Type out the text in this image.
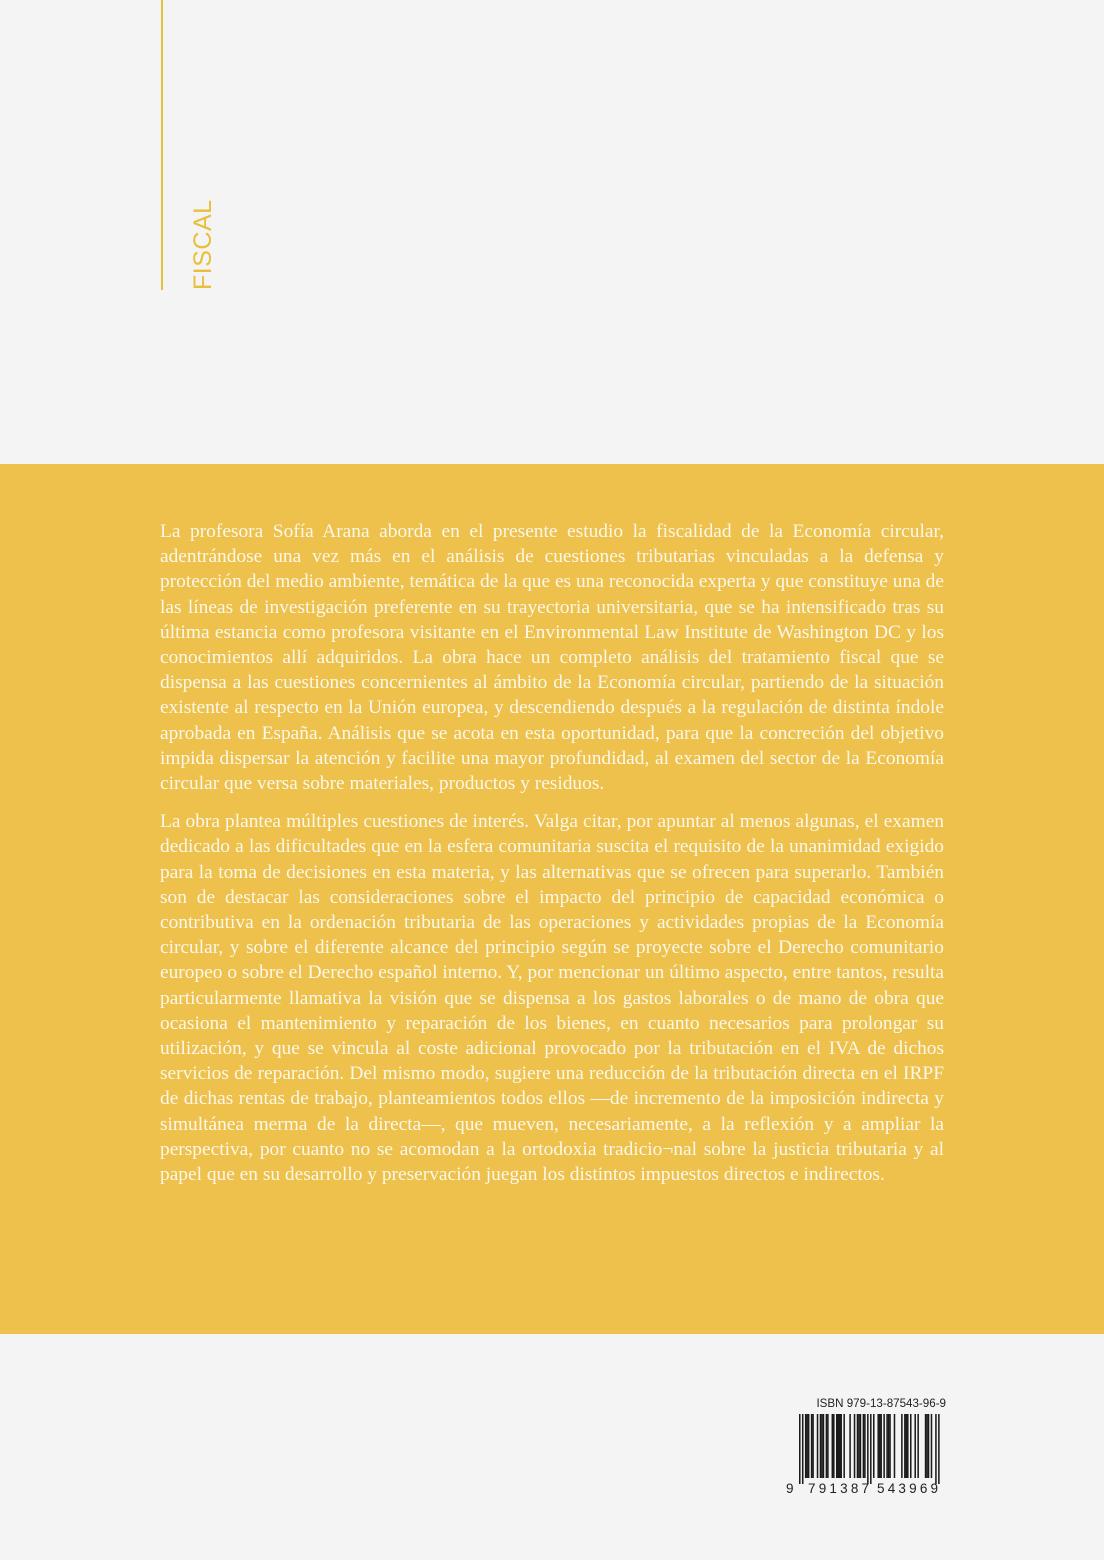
FISCAL

La profesora Sofía Arana aborda en el presente estudio la fiscalidad de la Economía circular, adentrándose una vez más en el análisis de cuestiones tributarias vinculadas a la defensa y protección del medio ambiente, temática de la que es una reconocida experta y que constituye una de las líneas de investigación preferente en su trayectoria universitaria, que se ha intensificado tras su última estancia como profesora visitante en el Environmental Law Institute de Washington DC y los conocimientos allí adquiridos. La obra hace un completo análisis del tratamiento fiscal que se dispensa a las cuestiones concernientes al ámbito de la Economía circular, partiendo de la situación existente al respecto en la Unión europea, y descendiendo después a la regulación de distinta índole aprobada en España. Análisis que se acota en esta oportunidad, para que la concreción del objetivo impida dispersar la atención y facilite una mayor profundidad, al examen del sector de la Economía circular que versa sobre materiales, productos y residuos.

La obra plantea múltiples cuestiones de interés. Valga citar, por apuntar al menos algunas, el examen dedicado a las dificultades que en la esfera comunitaria suscita el requisito de la unanimidad exigido para la toma de decisiones en esta materia, y las alternativas que se ofrecen para superarlo. También son de destacar las consideraciones sobre el impacto del principio de capacidad económica o contributiva en la ordenación tributaria de las operaciones y actividades propias de la Economía circular, y sobre el diferente alcance del principio según se proyecte sobre el Derecho comunitario europeo o sobre el Derecho español interno. Y, por mencionar un último aspecto, entre tantos, resulta particularmente llamativa la visión que se dispensa a los gastos laborales o de mano de obra que ocasiona el mantenimiento y reparación de los bienes, en cuanto necesarios para prolongar su utilización, y que se vincula al coste adicional provocado por la tributación en el IVA de dichos servicios de reparación. Del mismo modo, sugiere una reducción de la tributación directa en el IRPF de dichas rentas de trabajo, planteamientos todos ellos —de incremento de la imposición indirecta y simultánea merma de la directa—, que mueven, necesariamente, a la reflexión y a ampliar la perspectiva, por cuanto no se acomodan a la ortodoxia tradicio¬nal sobre la justicia tributaria y al papel que en su desarrollo y preservación juegan los distintos impuestos directos e indirectos.

ISBN 979-13-87543-96-9
9 791387 543969
